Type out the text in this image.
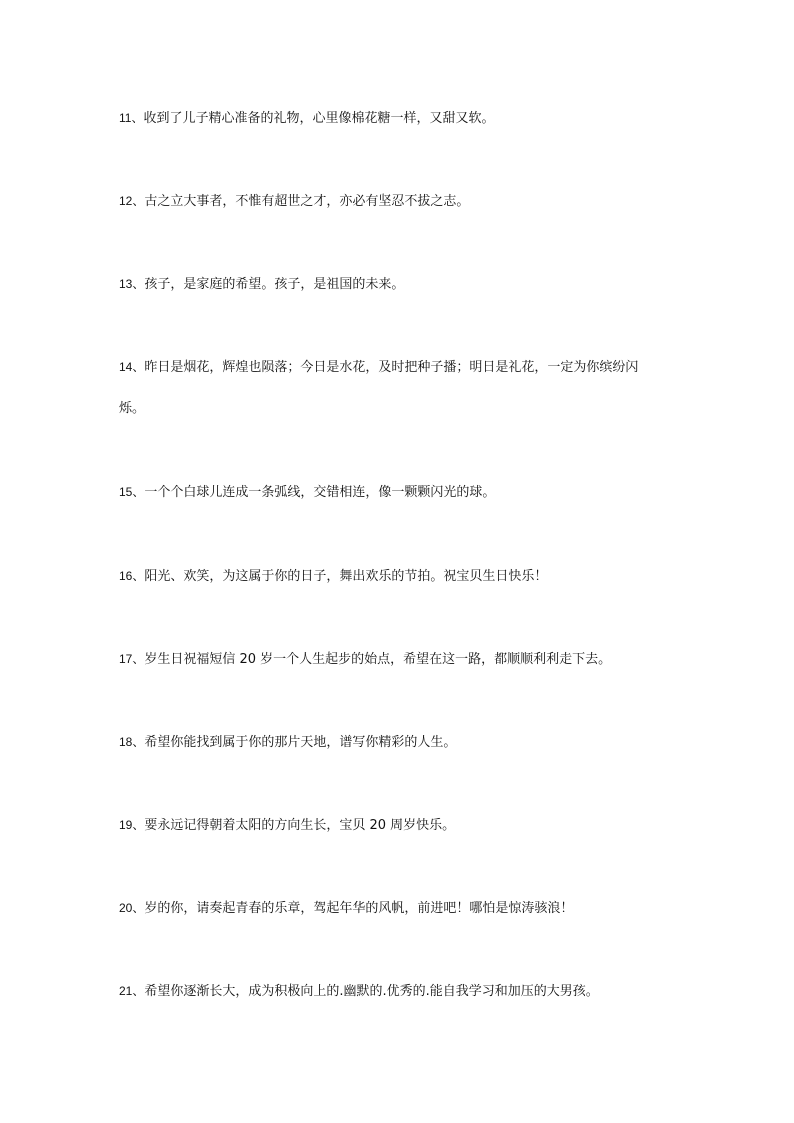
11、收到了儿子精心准备的礼物，心里像棉花糖一样，又甜又软。
12、古之立大事者，不惟有超世之才，亦必有坚忍不拔之志。
13、孩子，是家庭的希望。孩子，是祖国的未来。
14、昨日是烟花，辉煌也陨落；今日是水花，及时把种子播；明日是礼花，一定为你缤纷闪
烁。
15、一个个白球儿连成一条弧线，交错相连，像一颗颗闪光的球。
16、阳光、欢笑，为这属于你的日子，舞出欢乐的节拍。祝宝贝生日快乐！
17、岁生日祝福短信 20 岁一个人生起步的始点，希望在这一路，都顺顺利利走下去。
18、希望你能找到属于你的那片天地，谱写你精彩的人生。
19、要永远记得朝着太阳的方向生长，宝贝 20 周岁快乐。
20、岁的你，请奏起青春的乐章，驾起年华的风帆，前进吧！哪怕是惊涛骇浪！
21、希望你逐渐长大，成为积极向上的.幽默的.优秀的.能自我学习和加压的大男孩。
